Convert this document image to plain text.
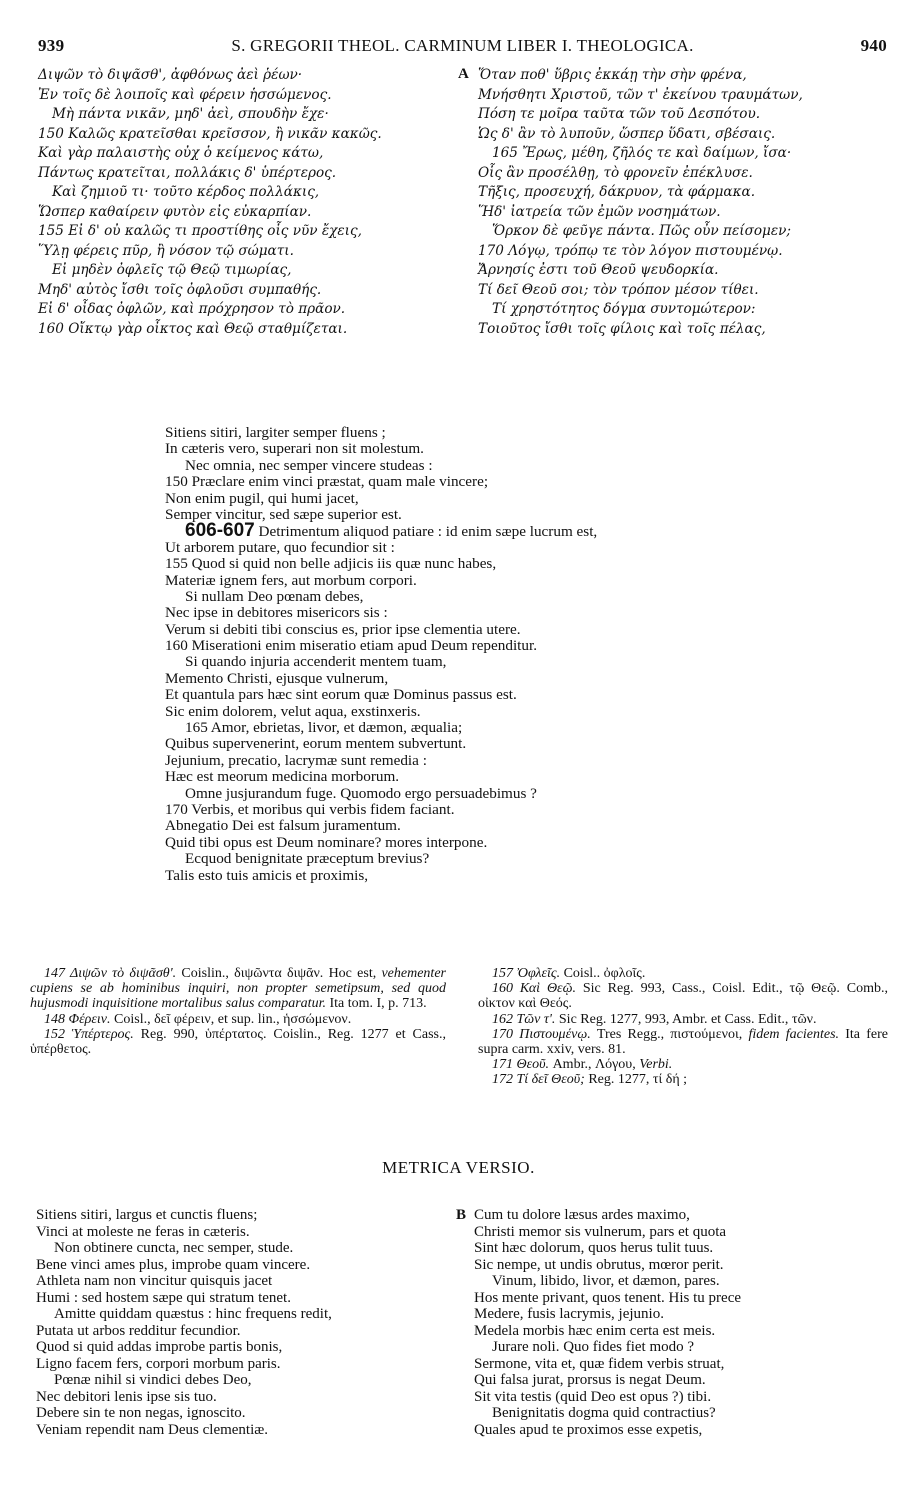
939	S. GREGORII THEOL. CARMINUM LIBER I. THEOLOGICA.	940
Διψῶν τὸ διψᾶσθ', ἀφθόνως ἀεὶ ῥέων·
Ἐν τοῖς δὲ λοιποῖς καὶ φέρειν ἡσσώμενος.
Μὴ πάντα νικᾶν, μηδ' ἀεὶ, σπουδὴν ἔχε·
150 Καλῶς κρατεῖσθαι κρεῖσσον, ἢ νικᾶν κακῶς.
Καὶ γὰρ παλαιστὴς οὐχ ὁ κείμενος κάτω,
Πάντως κρατεῖται, πολλάκις δ' ὑπέρτερος.
Καὶ ζημιοῦ τι· τοῦτο κέρδος πολλάκις,
Ὥσπερ καθαίρειν φυτὸν εἰς εὐκαρπίαν.
155 Εἰ δ' οὐ καλῶς τι προστίθης οἷς νῦν ἔχεις,
Ὕλῃ φέρεις πῦρ, ἢ νόσον τῷ σώματι.
Εἰ μηδὲν ὀφλεῖς τῷ Θεῷ τιμωρίας,
Μηδ' αὐτὸς ἴσθι τοῖς ὀφλοῦσι συμπαθής.
Εἰ δ' οἶδας ὀφλῶν, καὶ πρόχρησον τὸ πρᾶον.
160 Οἴκτῳ γὰρ οἶκτος καὶ Θεῷ σταθμίζεται.
A Ὅταν ποθ' ὕβρις ἐκκάῃ τὴν σὴν φρένα,
Μνήσθητι Χριστοῦ, τῶν τ' ἐκείνου τραυμάτων,
Πόση τε μοῖρα ταῦτα τῶν τοῦ Δεσπότου.
Ὡς δ' ἂν τὸ λυποῦν, ὥσπερ ὕδατι, σβέσαις.
165 Ἔρως, μέθη, ζῆλός τε καὶ δαίμων, ἴσα·
Οἷς ἂν προσέλθῃ, τὸ φρονεῖν ἐπέκλυσε.
Τῆξις, προσευχή, δάκρυον, τὰ φάρμακα.
Ἥδ' ἰατρεία τῶν ἐμῶν νοσημάτων.
Ὅρκον δὲ φεῦγε πάντα. Πῶς οὖν πείσομεν;
170 Λόγῳ, τρόπῳ τε τὸν λόγον πιστουμένῳ.
Ἄρνησίς ἐστι τοῦ Θεοῦ ψευδορκία.
Τί δεῖ Θεοῦ σοι; τὸν τρόπον μέσον τίθει.
Τί χρηστότητος δόγμα συντομώτερον:
Τοιοῦτος ἴσθι τοῖς φίλοις καὶ τοῖς πέλας,
Sitiens sitiri, largiter semper fluens ;
In cæteris vero, superari non sit molestum.
Nec omnia, nec semper vincere studeas :
150 Præclare enim vinci præstat, quam male vincere;
Non enim pugil, qui humi jacet,
Semper vincitur, sed sæpe superior est.
606-607 Detrimentum aliquod patiare : id enim sæpe lucrum est,
Ut arborem putare, quo fecundior sit :
155 Quod si quid non belle adjicis iis quæ nunc habes,
Materiæ ignem fers, aut morbum corpori.
Si nullam Deo pœnam debes,
Nec ipse in debitores misericors sis :
Verum si debiti tibi conscius es, prior ipse clementia utere.
160 Miserationi enim miseratio etiam apud Deum rependitur.
Si quando injuria accenderit mentem tuam,
Memento Christi, ejusque vulnerum,
Et quantula pars hæc sint eorum quæ Dominus passus est.
Sic enim dolorem, velut aqua, exstinxeris.
165 Amor, ebrietas, livor, et dæmon, æqualia;
Quibus supervenerint, eorum mentem subvertunt.
Jejunium, precatio, lacrymæ sunt remedia :
Hæc est meorum medicina morborum.
Omne jusjurandum fuge. Quomodo ergo persuadebimus ?
170 Verbis, et moribus qui verbis fidem faciant.
Abnegatio Dei est falsum juramentum.
Quid tibi opus est Deum nominare? mores interpone.
Ecquod benignitate præceptum brevius?
Talis esto tuis amicis et proximis,

147 Διψῶν τὸ διψᾶσθ'. Coislin., διψῶντα διψᾶν. Hoc est, vehementer cupiens se ab hominibus inquiri, non propter semetipsum, sed quod hujusmodi inquisitione mortalibus salus comparatur. Ita tom. I, p. 713.

148 Φέρειν. Coisl., δεῖ φέρειν, et sup. lin., ἡσσώμενον.

152 Ὑπέρτερος. Reg. 990, ὑπέρτατος. Coislin., Reg. 1277 et Cass., ὑπέρθετος.

157 Ὀφλεῖς. Coisl.. ὀφλοῖς.

160 Καὶ Θεῷ. Sic Reg. 993, Cass., Coisl. Edit., τῷ Θεῷ. Comb., οἰκτον καὶ Θεός.

162 Τῶν τ'. Sic Reg. 1277, 993, Ambr. et Cass. Edit., τῶν.

170 Πιστουμένῳ. Tres Regg., πιστούμενοι, fidem facientes. Ita fere supra carm. xxiv, vers. 81.

171 Θεοῦ. Ambr., Λόγου, Verbi.

172 Τί δεῖ Θεοῦ; Reg. 1277, τί δή ;

METRICA VERSIO.
Sitiens sitiri, largus et cunctis fluens;
Vinci at moleste ne feras in cæteris.
Non obtinere cuncta, nec semper, stude.
Bene vinci ames plus, improbe quam vincere.
Athleta nam non vincitur quisquis jacet
Humi : sed hostem sæpe qui stratum tenet.
Amitte quiddam quæstus : hinc frequens redit,
Putata ut arbos redditur fecundior.
Quod si quid addas improbe partis bonis,
Ligno facem fers, corpori morbum paris.
Pœnæ nihil si vindici debes Deo,
Nec debitori lenis ipse sis tuo.
Debere sin te non negas, ignoscito.
Veniam rependit nam Deus clementiæ.
B Cum tu dolore læsus ardes maximo,
Christi memor sis vulnerum, pars et quota
Sint hæc dolorum, quos herus tulit tuus.
Sic nempe, ut undis obrutus, mœror perit.
Vinum, libido, livor, et dæmon, pares.
Hos mente privant, quos tenent. His tu prece
Medere, fusis lacrymis, jejunio.
Medela morbis hæc enim certa est meis.
Jurare noli. Quo fides fiet modo ?
Sermone, vita et, quæ fidem verbis struat,
Qui falsa jurat, prorsus is negat Deum.
Sit vita testis (quid Deo est opus ?) tibi.
Benignitatis dogma quid contractius?
Quales apud te proximos esse expetis,
